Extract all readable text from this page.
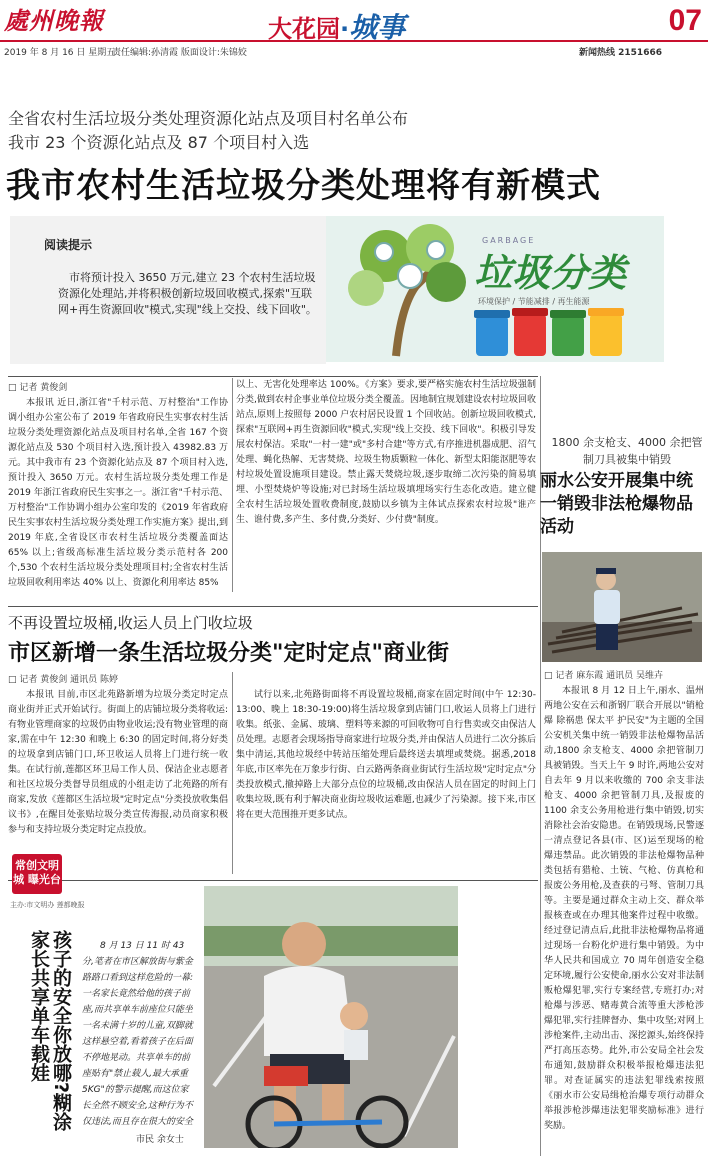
處州晚報	大花园·城事	07
2019 年 8 月 16 日 星期五
责任编辑:孙清霞 版面设计:朱锦姣	新闻热线 2151666
全省农村生活垃圾分类处理资源化站点及项目村名单公布
我市 23 个资源化站点及 87 个项目村入选
我市农村生活垃圾分类处理将有新模式
阅读提示
市将预计投入 3650 万元,建立 23 个农村生活垃圾资源化处理站,并将积极创新垃圾回收模式,探索"互联网+再生资源回收"模式,实现"线上交投、线下回收"。
GARBAGE
垃圾分类
环境保护 / 节能减排 / 再生能源
□ 记者 黄俊剑
本报讯 近日,浙江省"千村示范、万村整治"工作协调小组办公室公布了 2019 年省政府民生实事农村生活垃圾分类处理资源化站点及项目村名单,全省 167 个资源化站点及 530 个项目村入选,预计投入 43982.83 万元。其中我市有 23 个资源化站点及 87 个项目村入选,预计投入 3650 万元。农村生活垃圾分类处理工作是 2019 年浙江省政府民生实事之一。浙江省"千村示范、万村整治"工作协调小组办公室印发的《2019 年省政府民生实事农村生活垃圾分类处理工作实施方案》提出,到 2019 年底,全省设区市农村生活垃圾分类覆盖面达 65% 以上;省级高标准生活垃圾分类示范村各 200 个,530 个农村生活垃圾分类处理项目村;全省农村生活垃圾回收利用率达 40% 以上、资源化利用率达 85%
以上、无害化处理率达 100%。《方案》要求,要严格实施农村生活垃圾强制分类,做到农村企事业单位垃圾分类全覆盖。因地制宜规划建设农村垃圾回收站点,原则上按照每 2000 户农村居民设置 1 个回收站。创新垃圾回收模式,探索"互联网+再生资源回收"模式,实现"线上交投、线下回收"。积极引导发展农村保洁。采取"一村一建"或"多村合建"等方式,有序推进机器成肥、沼气处理、蝇化热解、无害焚烧、垃圾生物质颗粒一体化、新型太阳能沤肥等农村垃圾处置设施项目建设。禁止露天焚烧垃圾,逐步取缔二次污染的简易填埋、小型焚烧炉等设施;对已封场生活垃圾填埋场实行生态化改造。建立健全农村生活垃圾处置收费制度,鼓励以乡镇为主体试点探索农村垃圾"谁产生、谁付费,多产生、多付费,分类好、少付费"制度。
1800 余支枪支、4000 余把管制刀具被集中销毁
丽水公安开展集中统一销毁非法枪爆物品活动
□ 记者 麻东霞 通讯员 吴维卉
本报讯 8 月 12 日上午,丽水、温州两地公安在云和浙钢厂联合开展以"销枪爆 除祸患 保太平 护民安"为主题的全国公安机关集中统一销毁非法枪爆物品活动,1800 余支枪支、4000 余把管制刀具被销毁。当天上午 9 时许,两地公安对自去年 9 月以来收缴的 700 余支非法枪支、4000 余把管制刀具,及报废的 1100 余支公务用枪进行集中销毁,切实消除社会治安隐患。在销毁现场,民警逐一清点登记各县(市、区)运至现场的枪爆违禁品。此次销毁的非法枪爆物品种类包括有猎枪、土铳、气枪、仿真枪和报废公务用枪,及查获的弓弩、管制刀具等。主要是通过群众主动上交、群众举报核查或在办理其他案件过程中收缴。经过登记清点后,此批非法枪爆物品将通过现场一台粉化炉进行集中销毁。为中华人民共和国成立 70 周年创造安全稳定环境,履行公安使命,丽水公安对非法制贩枪爆犯罪,实行专案经营,专班打办;对枪爆与涉恶、赌毒黄合流等重大涉枪涉爆犯罪,实行挂牌督办、集中攻坚;对网上涉枪案件,主动出击、深挖源头,始终保持严打高压态势。此外,市公安局全社会发布通知,鼓励群众积极举报枪爆违法犯罪。对查证属实的违法犯罪线索按照《丽水市公安局缉枪治爆专项行动群众举报涉枪涉爆违法犯罪奖励标准》进行奖励。
不再设置垃圾桶,收运人员上门收垃圾
市区新增一条生活垃圾分类"定时定点"商业街
□ 记者 黄俊剑 通讯员 陈婷
本报讯 目前,市区北苑路新增为垃圾分类定时定点商业街并正式开始试行。街面上的店铺垃圾分类将收运:有物业管理商家的垃圾仍由物业收运;没有物业管理的商家,需在中午 12:30 和晚上 6:30 的固定时间,将分好类的垃圾拿到店铺门口,环卫收运人员将上门进行统一收集。在试行前,莲都区环卫局工作人员、保洁企业志愿者和社区垃圾分类督导员组成的小组走访了北苑路的所有商家,发放《莲都区生活垃圾"定时定点"分类投放收集倡议书》,在醒目处张贴垃圾分类宣传海报,动员商家积极参与和支持垃圾分类定时定点投放。
试行以来,北苑路街面将不再设置垃圾桶,商家在固定时间(中午 12:30-13:00、晚上 18:30-19:00)将生活垃圾拿到店铺门口,收运人员将上门进行收集。纸张、金属、玻璃、塑料等来源的可回收物可自行售卖或交由保洁人员处理。志愿者会现场指导商家进行垃圾分类,并由保洁人员进行二次分拣后集中清运,其他垃圾经中转站压缩处理后最终送去填埋或焚烧。据悉,2018 年底,市区率先在万象步行街、白云路两条商业街试行生活垃圾"定时定点"分类投放模式,撤掉路上大部分点位的垃圾桶,改由保洁人员在固定的时间上门收集垃圾,既有利于解决商业街垃圾收运难题,也减少了污染源。接下来,市区将在更大范围推开更多试点。
常创文明城 曝光台
主办:市文明办 莲都晚报
孩子的安全你放哪?糊涂家长共享单车载娃	8 月 13 日 11 时 43 分,笔者在市区解放街与紫金路路口看到这样危险的一幕:一名家长竟然给他的孩子前座,而共享单车前座位只能坐一名未满十岁的儿童,双脚就这样悬空着,看着孩子在后面不停地晃动。共享单车的前座贴有"禁止载人,最大承重 5KG"的警示提醒,而这位家长全然不顾安全,这种行为不仅违法,而且存在很大的安全
市民 余女士
